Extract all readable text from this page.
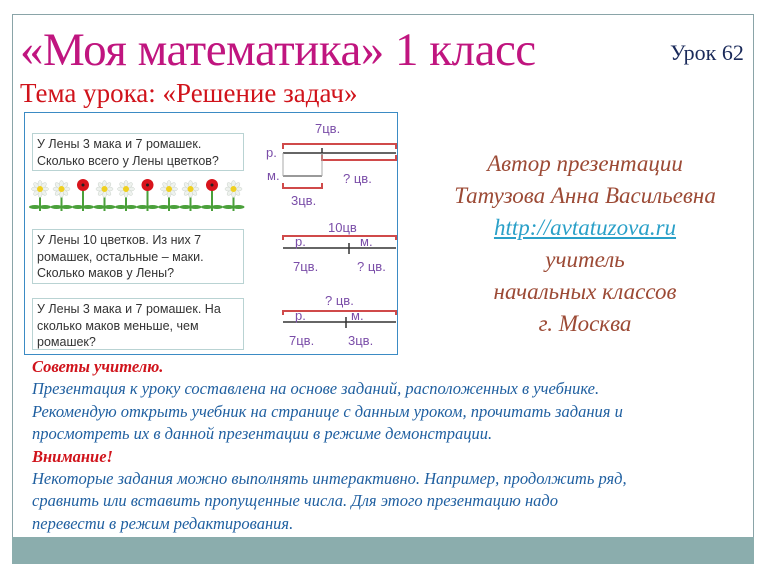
«Моя математика» 1 класс	Урок 62
Тема урока: «Решение задач»
7цв.
р.
м.	? цв.
3цв.
10цв
р.	м.
7цв.	? цв.
? цв.
р.	м.
7цв.	3цв.
У Лены 3 мака и 7 ромашек. Сколько всего у Лены цветков?
У Лены 10 цветков. Из них 7 ромашек, остальные – маки. Сколько маков у Лены?
У Лены 3 мака и 7 ромашек. На сколько маков меньше, чем ромашек?
Автор презентации
Татузова Анна Васильевна
http://avtatuzova.ru
учитель
начальных классов
г. Москва
Советы учителю.
Презентация к уроку составлена на основе заданий, расположенных в учебнике.
Рекомендую открыть учебник на странице с данным уроком, прочитать задания и
просмотреть их в данной презентации в режиме демонстрации.
Внимание!
Некоторые задания можно выполнять интерактивно. Например, продолжить ряд,
сравнить или вставить пропущенные числа. Для этого презентацию надо
перевести в режим редактирования.
